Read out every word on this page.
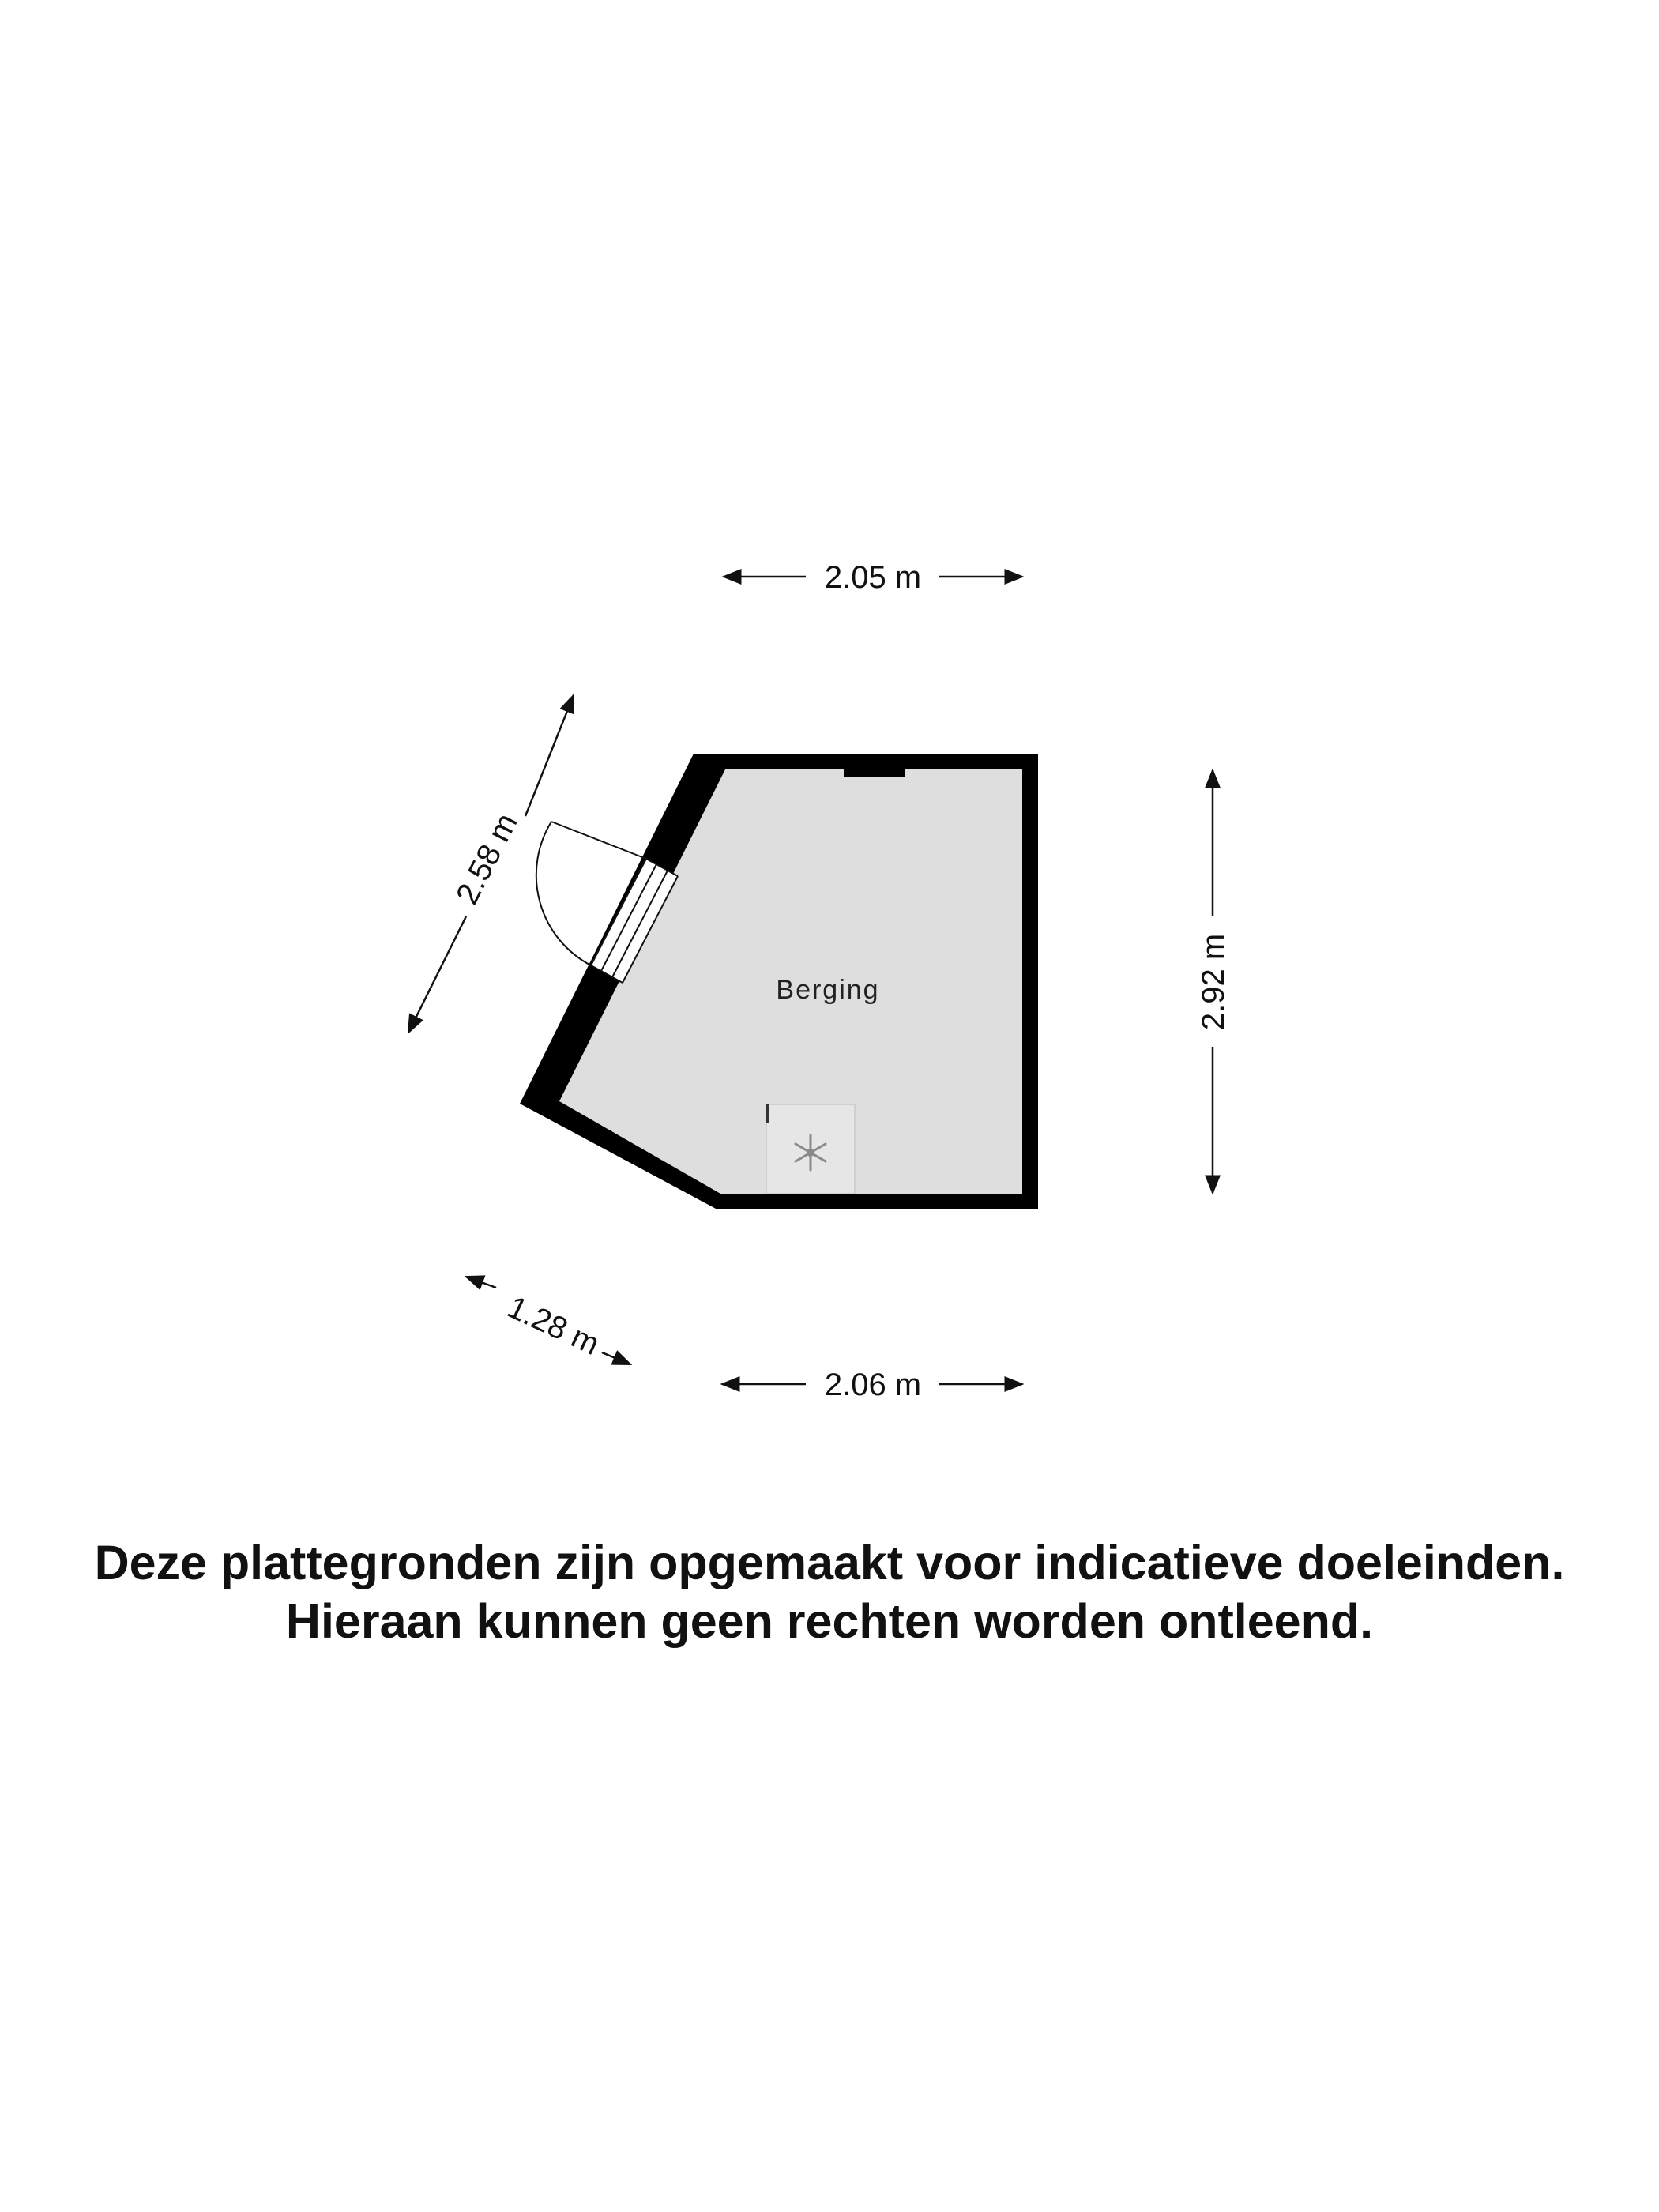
Berging
2.05 m
2.06 m
2.92 m
2.58 m
1.28 m
Deze plattegronden zijn opgemaakt voor indicatieve doeleinden.
Hieraan kunnen geen rechten worden ontleend.
